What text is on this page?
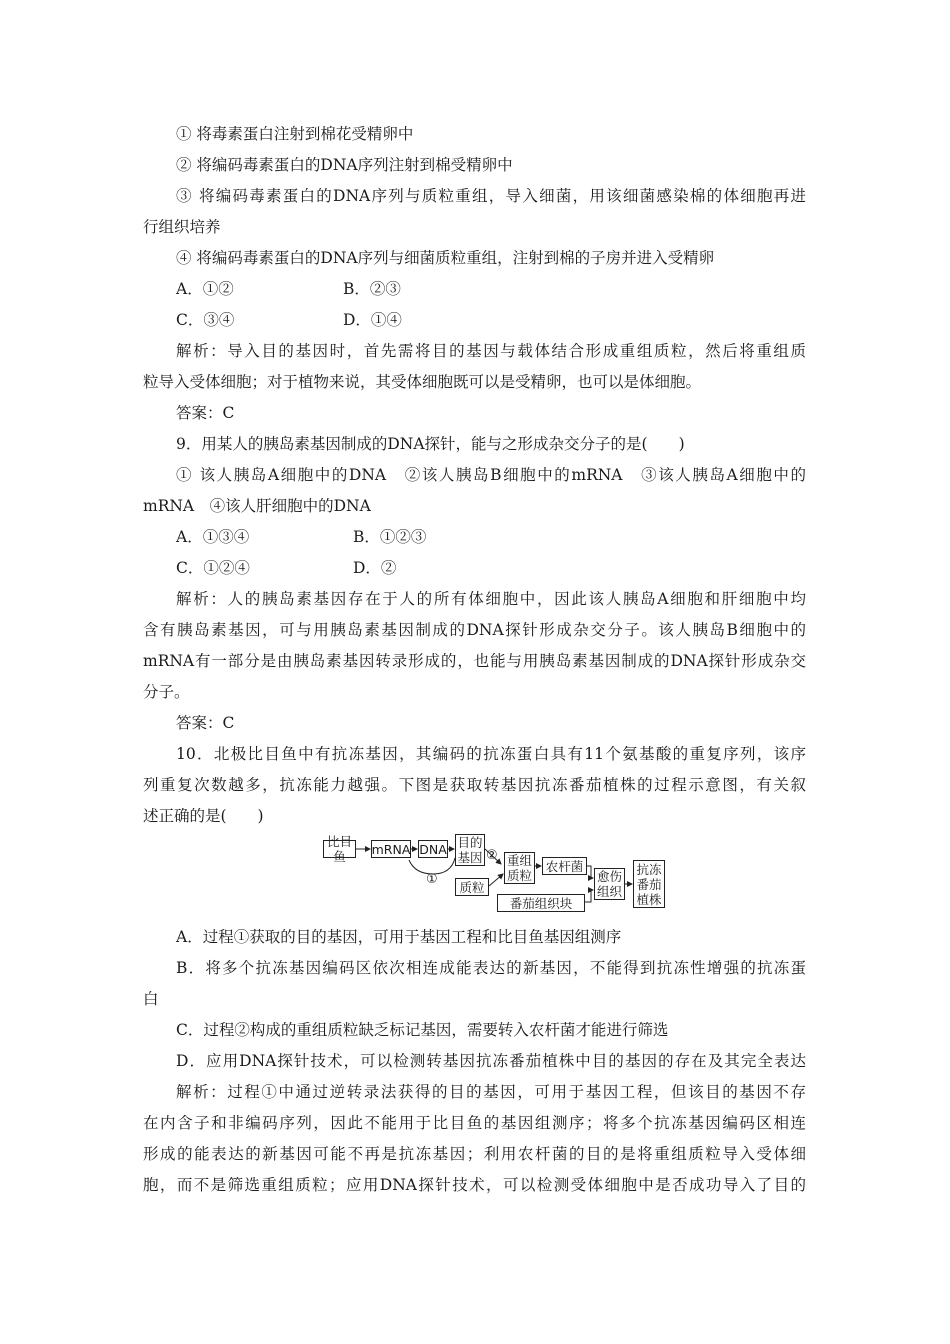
① 将毒素蛋白注射到棉花受精卵中
② 将编码毒素蛋白的DNA序列注射到棉受精卵中
③ 将编码毒素蛋白的DNA序列与质粒重组，导入细菌，用该细菌感染棉的体细胞再进
行组织培养
④ 将编码毒素蛋白的DNA序列与细菌质粒重组，注射到棉的子房并进入受精卵
A．①②	B．②③
C．③④	D．①④
解析：导入目的基因时，首先需将目的基因与载体结合形成重组质粒，然后将重组质
粒导入受体细胞；对于植物来说，其受体细胞既可以是受精卵，也可以是体细胞。
答案：C
9．用某人的胰岛素基因制成的DNA探针，能与之形成杂交分子的是(　　)
① 该人胰岛A细胞中的DNA　②该人胰岛B细胞中的mRNA　③该人胰岛A细胞中的
mRNA　④该人肝细胞中的DNA
A．①③④	B．①②③
C．①②④	D．②
解析：人的胰岛素基因存在于人的所有体细胞中，因此该人胰岛A细胞和肝细胞中均
含有胰岛素基因，可与用胰岛素基因制成的DNA探针形成杂交分子。该人胰岛B细胞中的
mRNA有一部分是由胰岛素基因转录形成的，也能与用胰岛素基因制成的DNA探针形成杂交
分子。
答案：C
10．北极比目鱼中有抗冻基因，其编码的抗冻蛋白具有11个氨基酸的重复序列，该序
列重复次数越多，抗冻能力越强。下图是获取转基因抗冻番茄植株的过程示意图，有关叙
述正确的是(　　)
比目鱼	mRNA DNA 目的
基因
①
②
质粒
重组
质粒
农杆菌
番茄组织块
愈伤
组织
抗冻
番茄
植株
A．过程①获取的目的基因，可用于基因工程和比目鱼基因组测序
B．将多个抗冻基因编码区依次相连成能表达的新基因，不能得到抗冻性增强的抗冻蛋
白
C．过程②构成的重组质粒缺乏标记基因，需要转入农杆菌才能进行筛选
D．应用DNA探针技术，可以检测转基因抗冻番茄植株中目的基因的存在及其完全表达
解析：过程①中通过逆转录法获得的目的基因，可用于基因工程，但该目的基因不存
在内含子和非编码序列，因此不能用于比目鱼的基因组测序；将多个抗冻基因编码区相连
形成的能表达的新基因可能不再是抗冻基因；利用农杆菌的目的是将重组质粒导入受体细
胞，而不是筛选重组质粒；应用DNA探针技术，可以检测受体细胞中是否成功导入了目的
